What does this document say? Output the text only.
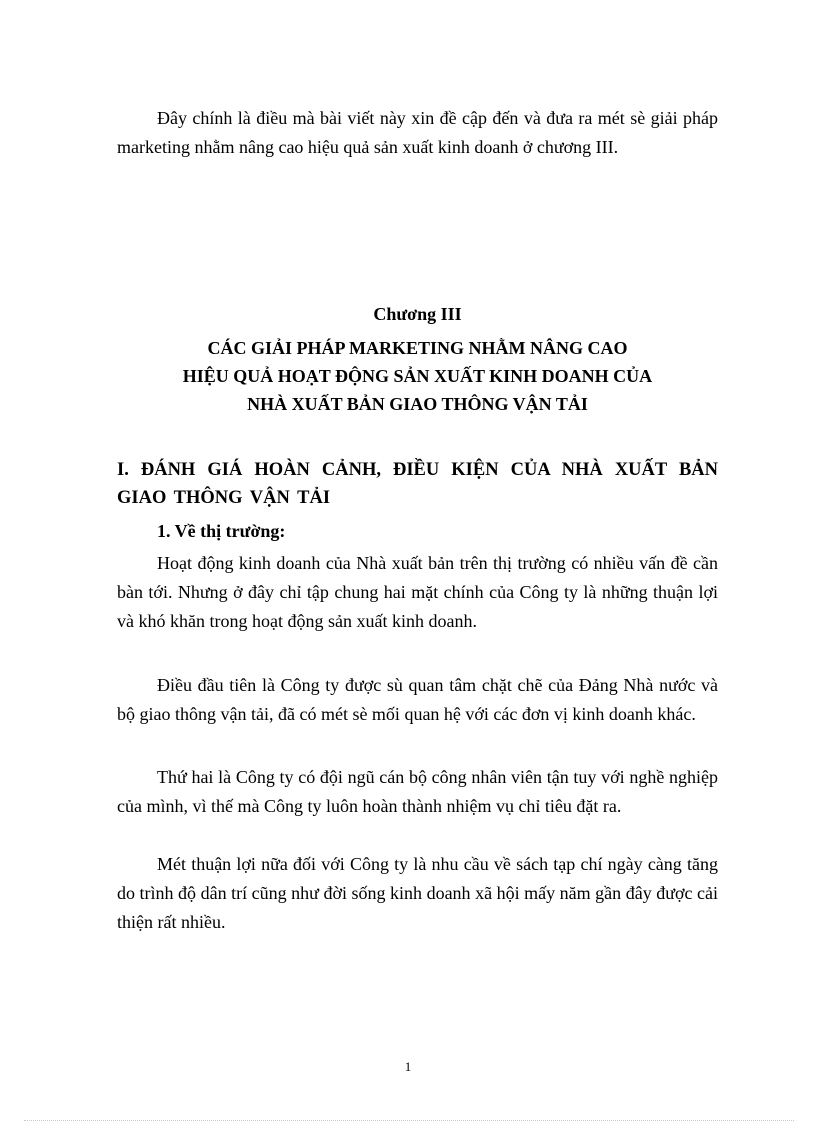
Đây chính là điều mà bài viết này xin đề cập đến và đưa ra mét sè giải pháp marketing nhằm nâng cao hiệu quả sản xuất kinh doanh ở chương III.

Chương III
CÁC GIẢI PHÁP MARKETING NHẰM NÂNG CAO
HIỆU QUẢ HOẠT ĐỘNG SẢN XUẤT KINH DOANH CỦA
NHÀ XUẤT BẢN GIAO THÔNG VẬN TẢI

I. ĐÁNH GIÁ HOÀN CẢNH, ĐIỀU KIỆN CỦA NHÀ XUẤT BẢN GIAO THÔNG VẬN TẢI

1. Về thị trường:

Hoạt động kinh doanh của Nhà xuất bản trên thị trường có nhiều vấn đề cần bàn tới. Nhưng ở đây chỉ tập chung hai mặt chính của Công ty là những thuận lợi và khó khăn trong hoạt động sản xuất kinh doanh.

Điều đầu tiên là Công ty được sù quan tâm chặt chẽ của Đảng Nhà nước và bộ giao thông vận tải, đã có mét sè mối quan hệ với các đơn vị kinh doanh khác.

Thứ hai là Công ty có đội ngũ cán bộ công nhân viên tận tuy với nghề nghiệp của mình, vì thế mà Công ty luôn hoàn thành nhiệm vụ chỉ tiêu đặt ra.

Mét thuận lợi nữa đối với Công ty là nhu cầu về sách tạp chí ngày càng tăng do trình độ dân trí cũng như đời sống kinh doanh xã hội mấy năm gần đây được cải thiện rất nhiều.

1
